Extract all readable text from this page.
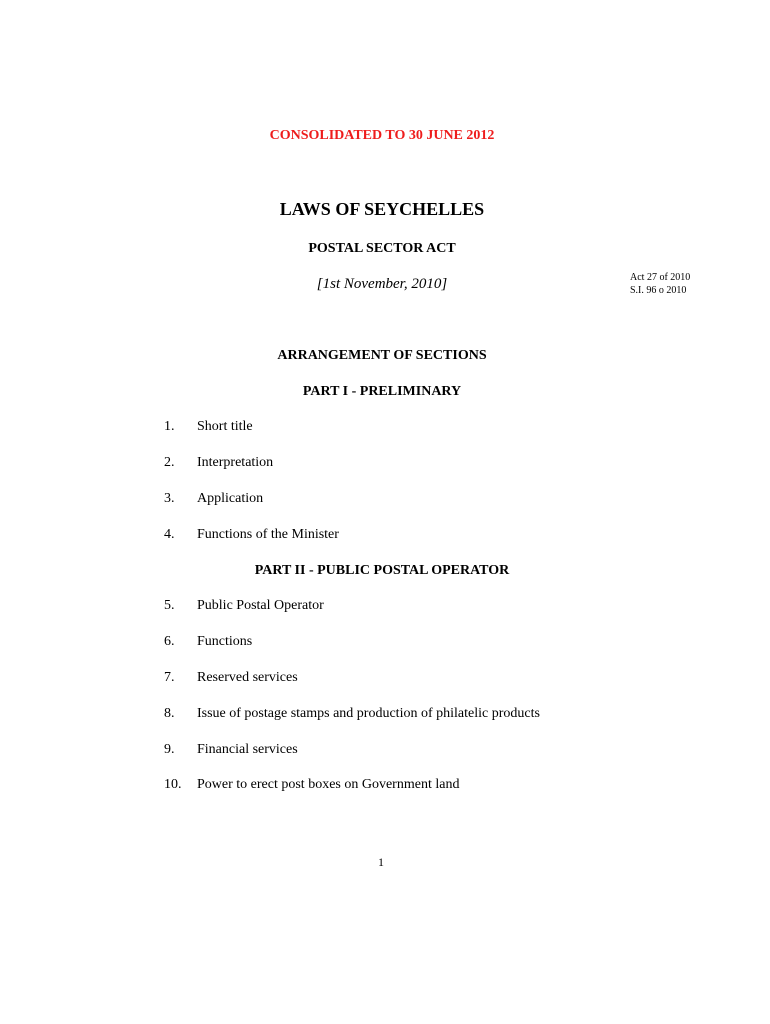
CONSOLIDATED TO 30 JUNE 2012
LAWS OF SEYCHELLES
POSTAL SECTOR ACT
[1st November, 2010]	Act 27 of 2010
S.I. 96 o 2010
ARRANGEMENT OF SECTIONS
PART I - PRELIMINARY
1. Short title
2. Interpretation
3. Application
4. Functions of the Minister
PART II - PUBLIC POSTAL OPERATOR
5. Public Postal Operator
6. Functions
7. Reserved services
8. Issue of postage stamps and production of philatelic products
9. Financial services
10. Power to erect post boxes on Government land
1
